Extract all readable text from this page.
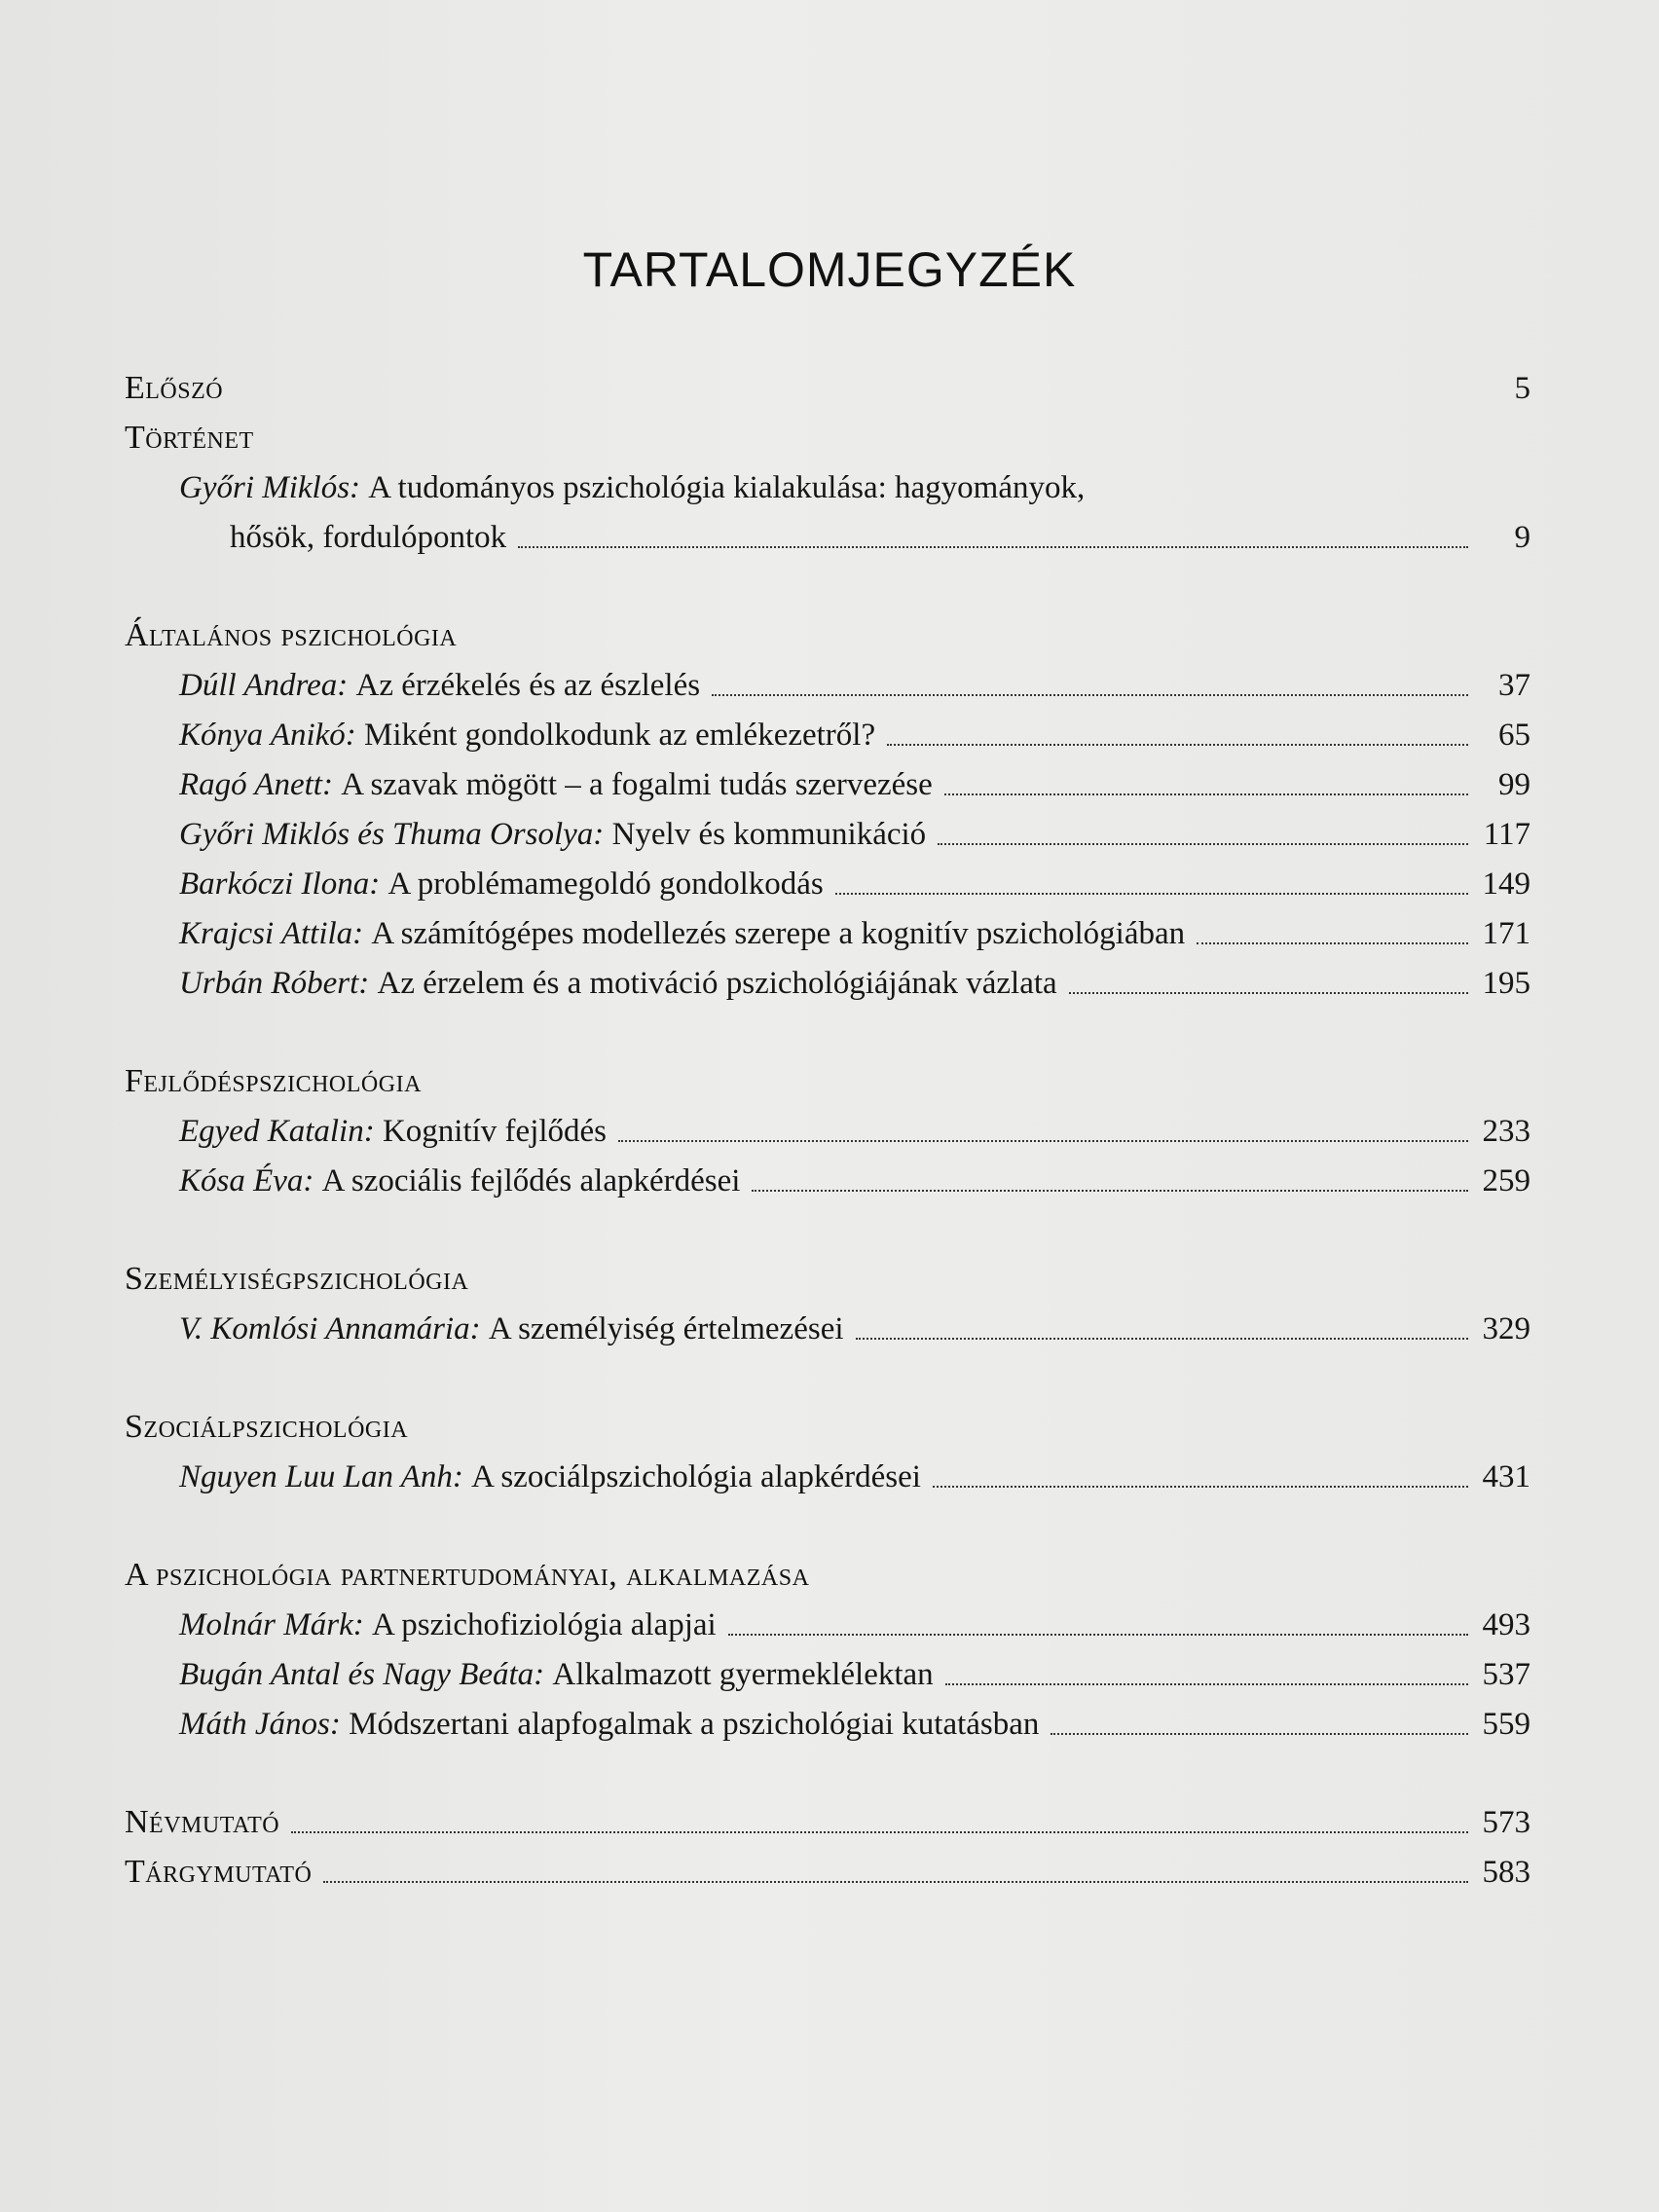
TARTALOMJEGYZÉK
Előszó	5
Történet
Győri Miklós:
A tudományos pszichológia kialakulása: hagyományok,
hősök, fordulópontok	9
Általános pszichológia
Dúll Andrea:
Az érzékelés és az észlelés	37
Kónya Anikó:
Miként gondolkodunk az emlékezetről?	65
Ragó Anett:
A szavak mögött – a fogalmi tudás szervezése	99
Győri Miklós és Thuma Orsolya:
Nyelv és kommunikáció	117
Barkóczi Ilona:
A problémamegoldó gondolkodás	149
Krajcsi Attila:
A számítógépes modellezés szerepe a kognitív pszichológiában	171
Urbán Róbert:
Az érzelem és a motiváció pszichológiájának vázlata	195
Fejlődéspszichológia
Egyed Katalin:
Kognitív fejlődés	233
Kósa Éva:
A szociális fejlődés alapkérdései	259
Személyiségpszichológia
V. Komlósi Annamária:
A személyiség értelmezései	329
Szociálpszichológia
Nguyen Luu Lan Anh:
A szociálpszichológia alapkérdései	431
A pszichológia partnertudományai, alkalmazása
Molnár Márk:
A pszichofiziológia alapjai	493
Bugán Antal és Nagy Beáta:
Alkalmazott gyermeklélektan	537
Máth János:
Módszertani alapfogalmak a pszichológiai kutatásban	559
Névmutató	573
Tárgymutató	583
